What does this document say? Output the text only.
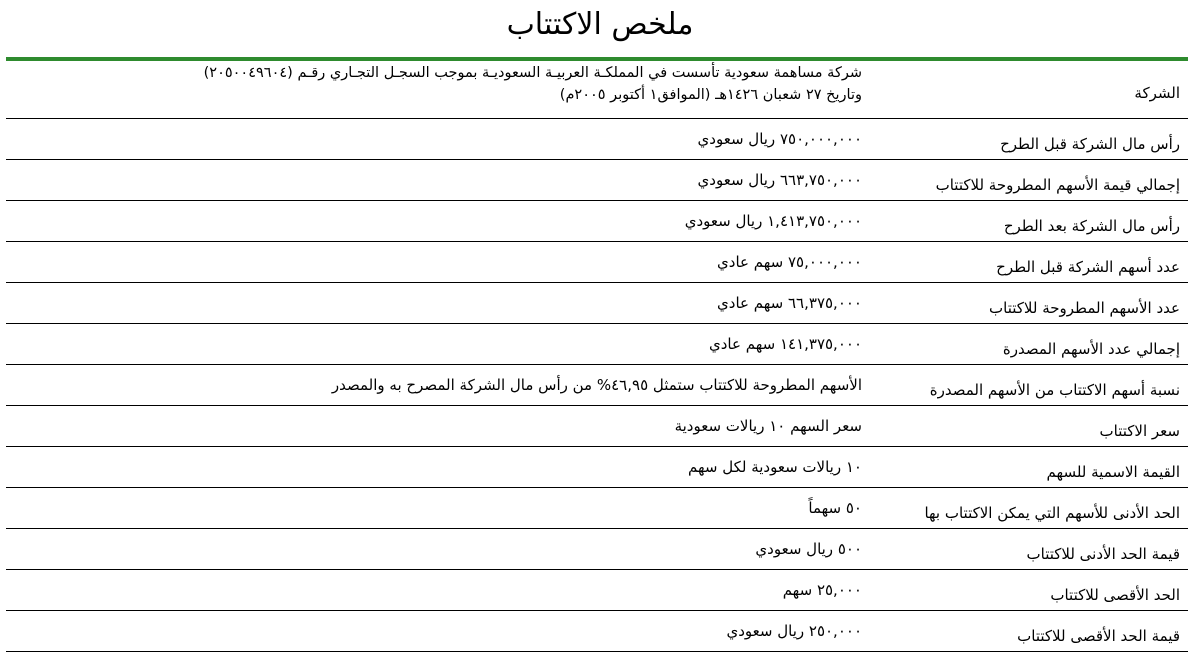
ملخص الاكتتاب
الشركة
شركة مساهمة سعودية تأسست في المملكـة العربيـة السعوديـة بموجب السجـل التجـاري رقـم (٢٠٥٠٠٤٩٦٠٤)
وتاريخ ٢٧ شعبان ١٤٢٦هـ (الموافق١ أكتوبر ٢٠٠٥م)
رأس مال الشركة قبل الطرح
٧٥٠,٠٠٠,٠٠٠ ريال سعودي
إجمالي قيمة الأسهم المطروحة للاكتتاب
٦٦٣,٧٥٠,٠٠٠ ريال سعودي
رأس مال الشركة بعد الطرح
١,٤١٣,٧٥٠,٠٠٠ ريال سعودي
عدد أسهم الشركة قبل الطرح
٧٥,٠٠٠,٠٠٠ سهم عادي
عدد الأسهم المطروحة للاكتتاب
٦٦,٣٧٥,٠٠٠ سهم عادي
إجمالي عدد الأسهم المصدرة
١٤١,٣٧٥,٠٠٠ سهم عادي
نسبة أسهم الاكتتاب من الأسهم المصدرة
الأسهم المطروحة للاكتتاب ستمثل ٤٦,٩٥% من رأس مال الشركة المصرح به والمصدر
سعر الاكتتاب
سعر السهم ١٠ ريالات سعودية
القيمة الاسمية للسهم
١٠ ريالات سعودية لكل سهم
الحد الأدنى للأسهم التي يمكن الاكتتاب بها
٥٠ سهماً
قيمة الحد الأدنى للاكتتاب
٥٠٠ ريال سعودي
الحد الأقصى للاكتتاب
٢٥,٠٠٠ سهم
قيمة الحد الأقصى للاكتتاب
٢٥٠,٠٠٠ ريال سعودي
